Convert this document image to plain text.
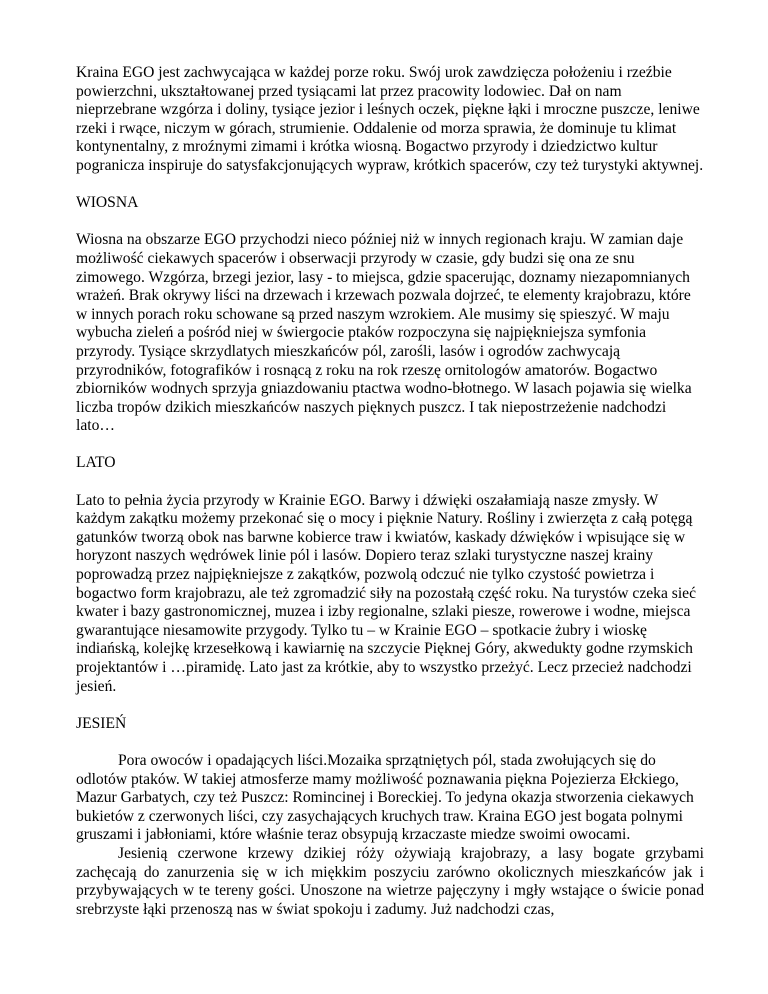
Kraina EGO jest zachwycająca w każdej porze roku. Swój urok zawdzięcza położeniu i rzeźbie powierzchni, ukształtowanej przed tysiącami lat przez pracowity lodowiec. Dał on nam nieprzebrane wzgórza i doliny, tysiące jezior i leśnych oczek, piękne łąki i mroczne puszcze, leniwe rzeki i rwące, niczym w górach, strumienie. Oddalenie od morza sprawia, że dominuje tu klimat kontynentalny, z mroźnymi zimami i krótka wiosną. Bogactwo przyrody i dziedzictwo kultur pogranicza inspiruje do satysfakcjonujących wypraw, krótkich spacerów, czy też turystyki aktywnej.

WIOSNA

Wiosna na obszarze EGO przychodzi nieco później niż w innych regionach kraju. W zamian daje możliwość ciekawych spacerów i obserwacji przyrody w czasie, gdy budzi się ona ze snu zimowego. Wzgórza, brzegi jezior, lasy - to miejsca, gdzie spacerując, doznamy niezapomnianych wrażeń. Brak okrywy liści na drzewach i krzewach pozwala dojrzeć, te elementy krajobrazu, które w innych porach roku schowane są przed naszym wzrokiem. Ale musimy się spieszyć. W maju wybucha zieleń a pośród niej w świergocie ptaków rozpoczyna się najpiękniejsza symfonia przyrody. Tysiące skrzydlatych mieszkańców pól, zarośli, lasów i ogrodów zachwycają przyrodników, fotografików i rosnącą z roku na rok rzeszę ornitologów amatorów. Bogactwo zbiorników wodnych sprzyja gniazdowaniu ptactwa wodno-błotnego. W lasach pojawia się wielka liczba tropów dzikich mieszkańców naszych pięknych puszcz. I tak niepostrzeżenie nadchodzi lato…

LATO

Lato to pełnia życia przyrody w Krainie EGO. Barwy i dźwięki oszałamiają nasze zmysły. W każdym zakątku możemy przekonać się o mocy i pięknie Natury. Rośliny i zwierzęta z całą potęgą gatunków tworzą obok nas barwne kobierce traw i kwiatów, kaskady dźwięków i wpisujące się w horyzont naszych wędrówek linie pól i lasów. Dopiero teraz szlaki turystyczne naszej krainy poprowadzą przez najpiękniejsze z zakątków, pozwolą odczuć nie tylko czystość powietrza i bogactwo form krajobrazu, ale też zgromadzić siły na pozostałą część roku. Na turystów czeka sieć kwater i bazy gastronomicznej, muzea i izby regionalne, szlaki piesze, rowerowe i wodne, miejsca gwarantujące niesamowite przygody. Tylko tu – w Krainie EGO – spotkacie żubry i wioskę indiańską, kolejkę krzesełkową i kawiarnię na szczycie Pięknej Góry, akwedukty godne rzymskich projektantów i …piramidę. Lato jast za krótkie, aby to wszystko przeżyć. Lecz przecież nadchodzi jesień.

JESIEŃ

Pora owoców i opadających liści.Mozaika sprzątniętych pól, stada zwołujących się do odlotów ptaków. W takiej atmosferze mamy możliwość poznawania piękna Pojezierza Ełckiego, Mazur Garbatych, czy też Puszcz: Romincinej i Boreckiej. To jedyna okazja stworzenia ciekawych bukietów z czerwonych liści, czy zasychających kruchych traw. Kraina EGO jest bogata polnymi gruszami i jabłoniami, które właśnie teraz obsypują krzaczaste miedze swoimi owocami.

Jesienią czerwone krzewy dzikiej róży ożywiają krajobrazy, a lasy bogate grzybami zachęcają do zanurzenia się w ich miękkim poszyciu zarówno okolicznych mieszkańców jak i przybywających w te tereny gości. Unoszone na wietrze pajęczyny i mgły wstające o świcie ponad srebrzyste łąki przenoszą nas w świat spokoju i zadumy. Już nadchodzi czas,
